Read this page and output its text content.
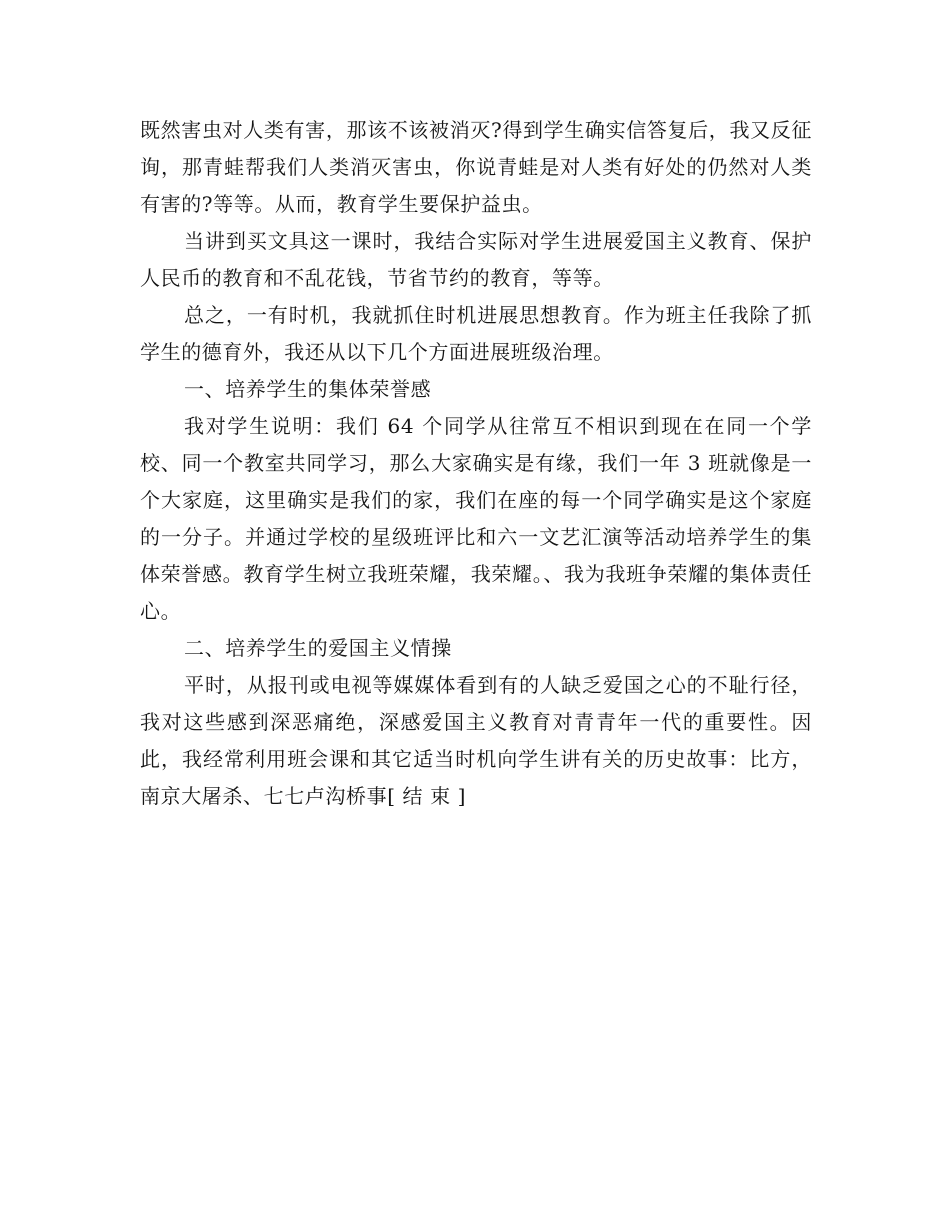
既然害虫对人类有害，那该不该被消灭?得到学生确实信答复后，我又反征询，那青蛙帮我们人类消灭害虫，你说青蛙是对人类有好处的仍然对人类有害的?等等。从而，教育学生要保护益虫。

当讲到买文具这一课时，我结合实际对学生进展爱国主义教育、保护人民币的教育和不乱花钱，节省节约的教育，等等。

总之，一有时机，我就抓住时机进展思想教育。作为班主任我除了抓学生的德育外，我还从以下几个方面进展班级治理。

一、培养学生的集体荣誉感

我对学生说明：我们 64 个同学从往常互不相识到现在在同一个学校、同一个教室共同学习，那么大家确实是有缘，我们一年 3 班就像是一个大家庭，这里确实是我们的家，我们在座的每一个同学确实是这个家庭的一分子。并通过学校的星级班评比和六一文艺汇演等活动培养学生的集体荣誉感。教育学生树立我班荣耀，我荣耀。、我为我班争荣耀的集体责任心。

二、培养学生的爱国主义情操

平时，从报刊或电视等媒媒体看到有的人缺乏爱国之心的不耻行径，我对这些感到深恶痛绝，深感爱国主义教育对青青年一代的重要性。因此，我经常利用班会课和其它适当时机向学生讲有关的历史故事：比方，南京大屠杀、七七卢沟桥事[ 结 束 ]
